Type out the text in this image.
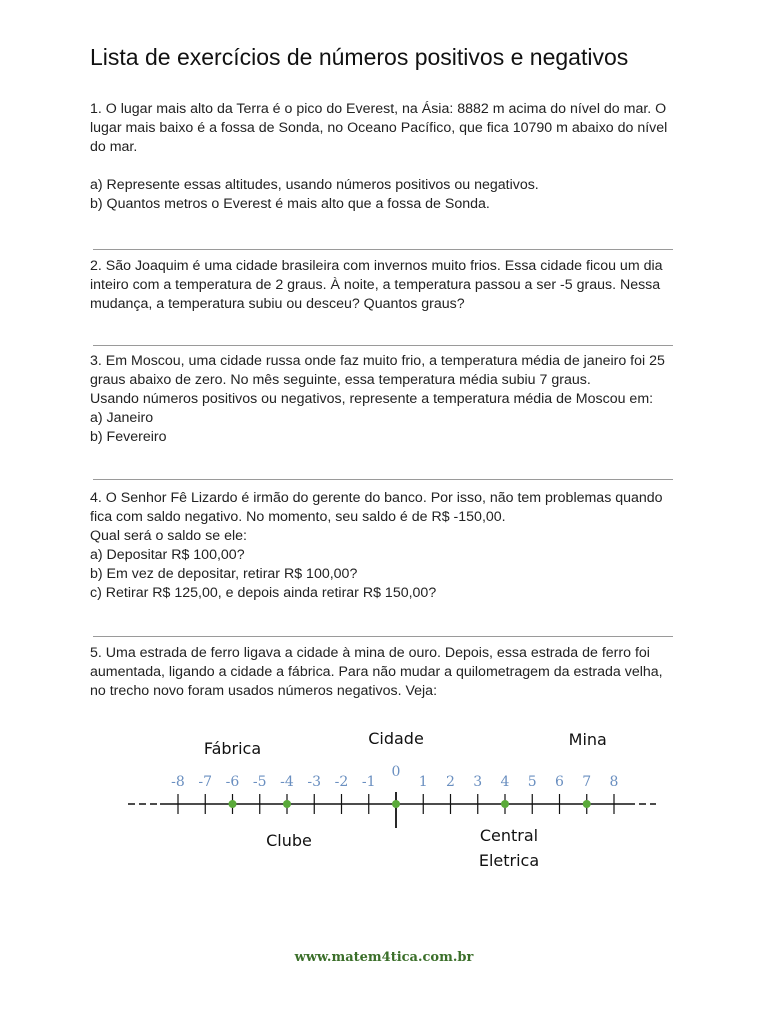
Lista de exercícios de números positivos e negativos

1. O lugar mais alto da Terra é o pico do Everest, na Ásia: 8882 m acima do nível do mar. O

lugar mais baixo é a fossa de Sonda, no Oceano Pacífico, que fica 10790 m abaixo do nível

do mar.

a) Represente essas altitudes, usando números positivos ou negativos.

b) Quantos metros o Everest é mais alto que a fossa de Sonda.

2. São Joaquim é uma cidade brasileira com invernos muito frios. Essa cidade ficou um dia

inteiro com a temperatura de 2 graus. À noite, a temperatura passou a ser -5 graus. Nessa

mudança, a temperatura subiu ou desceu? Quantos graus?

3. Em Moscou, uma cidade russa onde faz muito frio, a temperatura média de janeiro foi 25

graus abaixo de zero. No mês seguinte, essa temperatura média subiu 7 graus.

Usando números positivos ou negativos, represente a temperatura média de Moscou em:

a) Janeiro

b) Fevereiro

4. O Senhor Fê Lizardo é irmão do gerente do banco. Por isso, não tem problemas quando

fica com saldo negativo. No momento, seu saldo é de R$ -150,00.

Qual será o saldo se ele:

a) Depositar R$ 100,00?

b) Em vez de depositar, retirar R$ 100,00?

c) Retirar R$ 125,00, e depois ainda retirar R$ 150,00?

5. Uma estrada de ferro ligava a cidade à mina de ouro. Depois, essa estrada de ferro foi

aumentada, ligando a cidade a fábrica. Para não mudar a quilometragem da estrada velha,

no trecho novo foram usados números negativos. Veja:

-8 -7 -6 -5 -4 -3 -2 -1
0
1 2 3 4 5 6 7 8
Fábrica
Cidade	Mina
Clube	Central
Eletrica
www.matem4tica.com.br
